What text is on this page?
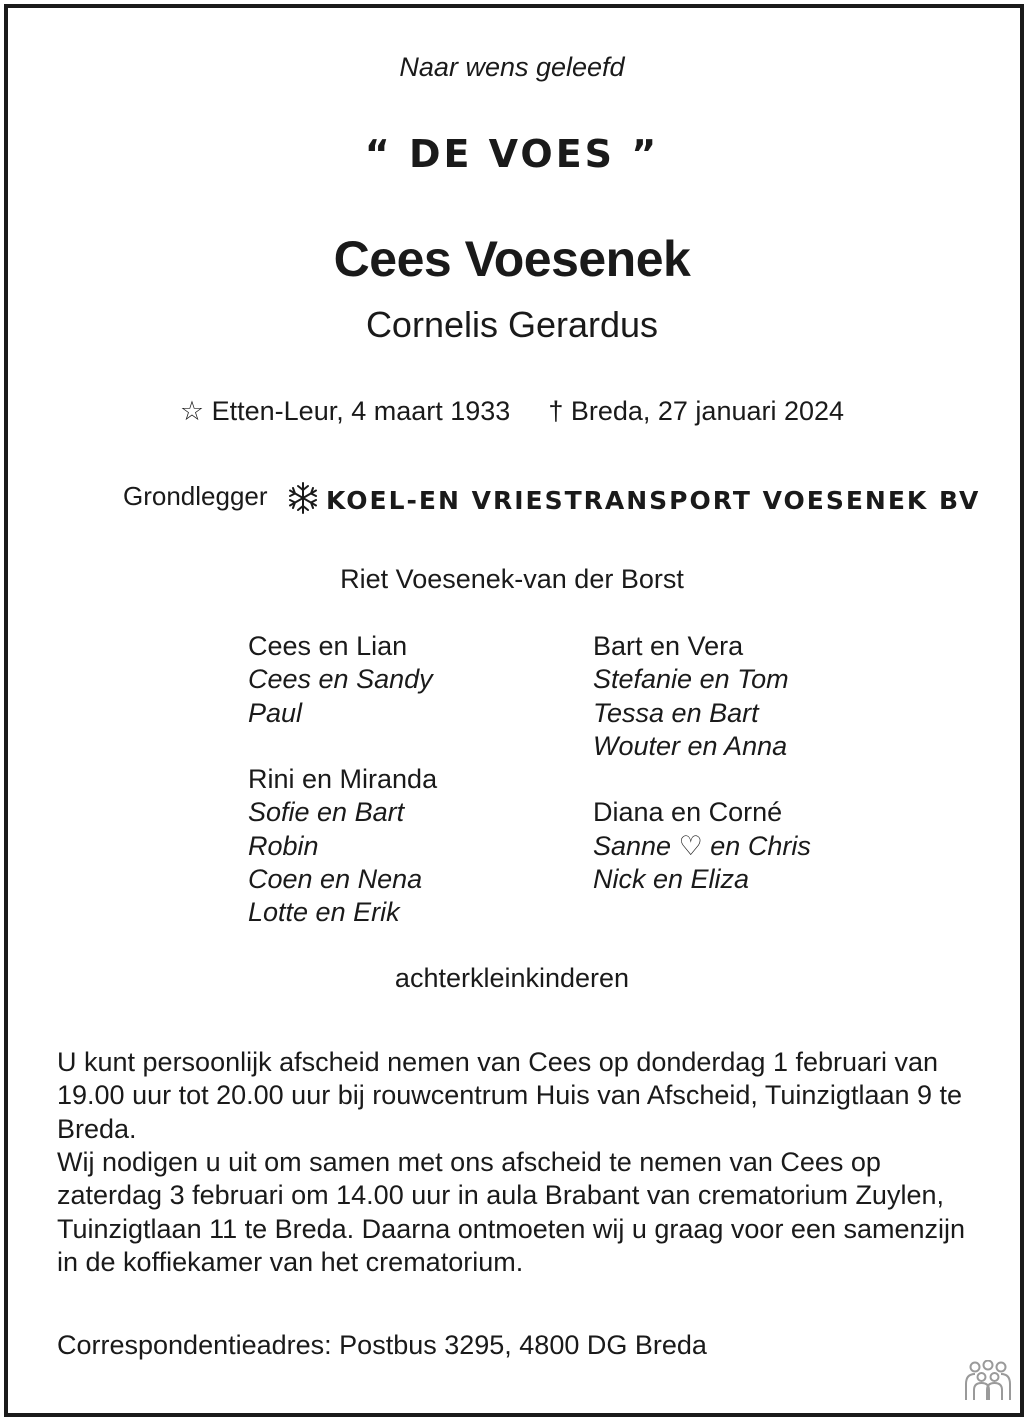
Naar wens geleefd
“ DE VOES ”
Cees Voesenek
Cornelis Gerardus
☆ Etten-Leur, 4 maart 1933 † Breda, 27 januari 2024
Grondlegger	KOEL-EN VRIESTRANSPORT VOESENEK BV
Riet Voesenek-van der Borst
Cees en Lian
Cees en Sandy
Paul
Rini en Miranda
Sofie en Bart
Robin
Coen en Nena
Lotte en Erik
Bart en Vera
Stefanie en Tom
Tessa en Bart
Wouter en Anna
Diana en Corné
Sanne ♡ en Chris
Nick en Eliza
achterkleinkinderen
U kunt persoonlijk afscheid nemen van Cees op donderdag 1 februari van 19.00 uur tot 20.00 uur bij rouwcentrum Huis van Afscheid, Tuinzigtlaan 9 te Breda.
Wij nodigen u uit om samen met ons afscheid te nemen van Cees op zaterdag 3 februari om 14.00 uur in aula Brabant van crematorium Zuylen, Tuinzigtlaan 11 te Breda. Daarna ontmoeten wij u graag voor een samenzijn in de koffiekamer van het crematorium.
Correspondentieadres: Postbus 3295, 4800 DG Breda
